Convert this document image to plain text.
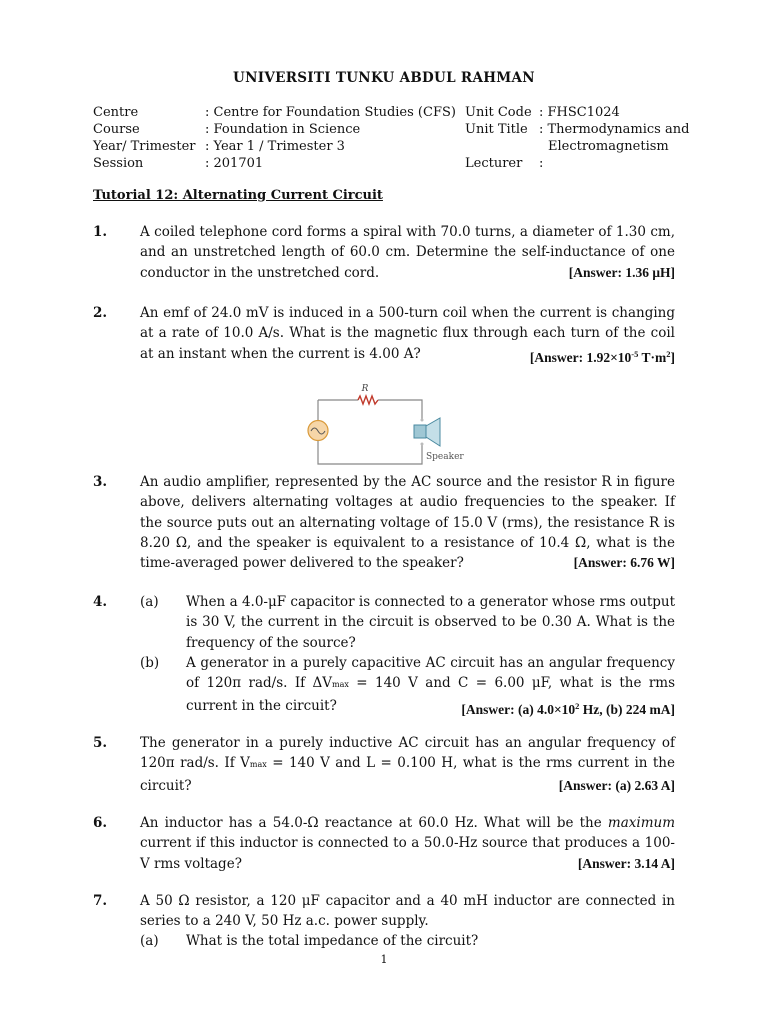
UNIVERSITI TUNKU ABDUL RAHMAN
Centre	: Centre for Foundation Studies (CFS)
Course	: Foundation in Science
Year/ Trimester : Year 1 / Trimester 3
Session	: 201701
Unit Code : FHSC1024
Unit Title : Thermodynamics and
Electromagnetism
Lecturer :
Tutorial 12: Alternating Current Circuit
1. A coiled telephone cord forms a spiral with 70.0 turns, a diameter of 1.30 cm, and an unstretched length of 60.0 cm. Determine the self-inductance of one conductor in the unstretched cord.	[Answer: 1.36 μH]
2. An emf of 24.0 mV is induced in a 500-turn coil when the current is changing at a rate of 10.0 A/s. What is the magnetic flux through each turn of the coil at an instant when the current is 4.00 A?	[Answer: $1.92\times 10^{-5}$ $T\cdot m^2$]
R
Speaker
3. An audio amplifier, represented by the AC source and the resistor R in figure above, delivers alternating voltages at audio frequencies to the speaker. If the source puts out an alternating voltage of 15.0 V (rms), the resistance R is 8.20 Ω, and the speaker is equivalent to a resistance of 10.4 Ω, what is the time-averaged power delivered to the speaker?	[Answer: 6.76 W]
4. (a) When a 4.0-μF capacitor is connected to a generator whose rms output is 30 V, the current in the circuit is observed to be 0.30 A. What is the frequency of the source?
(b) A generator in a purely capacitive AC circuit has an angular frequency of 120π rad/s. If ΔVmax = 140 V and C = 6.00 μF, what is the rms current in the circuit?	[Answer: (a) $4.0\times 10^2$ Hz, (b) 224 mA]
5. The generator in a purely inductive AC circuit has an angular frequency of 120π rad/s. If Vmax = 140 V and L = 0.100 H, what is the rms current in the circuit?	[Answer: (a) 2.63 A]
6. An inductor has a 54.0-Ω reactance at 60.0 Hz. What will be the maximum current if this inductor is connected to a 50.0-Hz source that produces a 100-V rms voltage?	[Answer: 3.14 A]
7. A 50 Ω resistor, a 120 μF capacitor and a 40 mH inductor are connected in series to a 240 V, 50 Hz a.c. power supply.
(a) What is the total impedance of the circuit?
1
